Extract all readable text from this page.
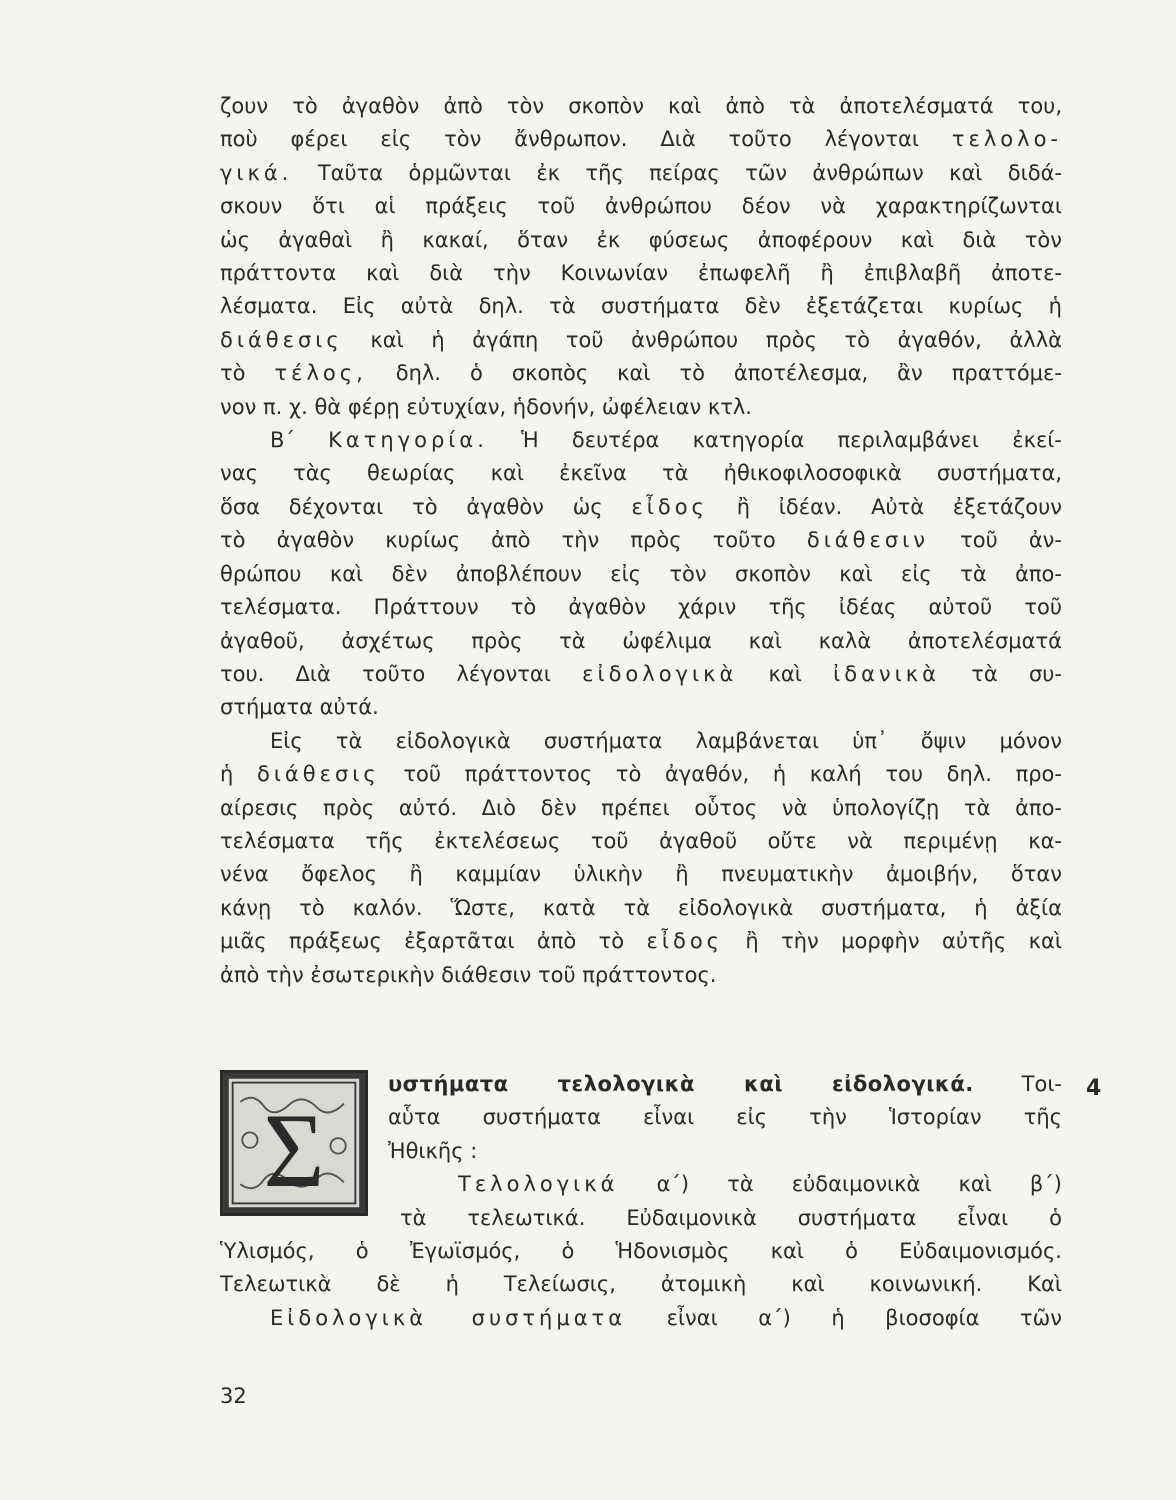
ζουν τὸ ἀγαθὸν ἀπὸ τὸν σκοπὸν καὶ ἀπὸ τὰ ἀποτελέσματά του,
ποὺ φέρει εἰς τὸν ἄνθρωπον. Διὰ τοῦτο λέγονται τελολο-
γικά. Ταῦτα ὁρμῶνται ἐκ τῆς πείρας τῶν ἀνθρώπων καὶ διδά-
σκουν ὅτι αἱ πράξεις τοῦ ἀνθρώπου δέον νὰ χαρακτηρίζωνται
ὡς ἀγαθαὶ ἢ κακαί, ὅταν ἐκ φύσεως ἀποφέρουν καὶ διὰ τὸν
πράττοντα καὶ διὰ τὴν Κοινωνίαν ἐπωφελῆ ἢ ἐπιβλαβῆ ἀποτε-
λέσματα. Εἰς αὐτὰ δηλ. τὰ συστήματα δὲν ἐξετάζεται κυρίως ἡ
διάθεσις καὶ ἡ ἀγάπη τοῦ ἀνθρώπου πρὸς τὸ ἀγαθόν, ἀλλὰ
τὸ τέλος, δηλ. ὁ σκοπὸς καὶ τὸ ἀποτέλεσμα, ἂν πραττόμε-
νον π. χ. θὰ φέρῃ εὐτυχίαν, ἡδονήν, ὠφέλειαν κτλ.

Β΄ Κατηγορία. Ἡ δευτέρα κατηγορία περιλαμβάνει ἐκεί-
νας τὰς θεωρίας καὶ ἐκεῖνα τὰ ἠθικοφιλοσοφικὰ συστήματα,
ὅσα δέχονται τὸ ἀγαθὸν ὡς εἶδος ἢ ἰδέαν. Αὐτὰ ἐξετάζουν
τὸ ἀγαθὸν κυρίως ἀπὸ τὴν πρὸς τοῦτο διάθεσιν τοῦ ἀν-
θρώπου καὶ δὲν ἀποβλέπουν εἰς τὸν σκοπὸν καὶ εἰς τὰ ἀπο-
τελέσματα. Πράττουν τὸ ἀγαθὸν χάριν τῆς ἰδέας αὐτοῦ τοῦ
ἀγαθοῦ, ἀσχέτως πρὸς τὰ ὠφέλιμα καὶ καλὰ ἀποτελέσματά
του. Διὰ τοῦτο λέγονται εἰδολογικὰ καὶ ἰδανικὰ τὰ συ-
στήματα αὐτά.

Εἰς τὰ εἰδολογικὰ συστήματα λαμβάνεται ὑπ᾽ ὄψιν μόνον
ἡ διάθεσις τοῦ πράττοντος τὸ ἀγαθόν, ἡ καλή του δηλ. προ-
αίρεσις πρὸς αὐτό. Διὸ δὲν πρέπει οὗτος νὰ ὑπολογίζῃ τὰ ἀπο-
τελέσματα τῆς ἐκτελέσεως τοῦ ἀγαθοῦ οὔτε νὰ περιμένῃ κα-
νένα ὄφελος ἢ καμμίαν ὑλικὴν ἢ πνευματικὴν ἀμοιβήν, ὅταν
κάνῃ τὸ καλόν. Ὥστε, κατὰ τὰ εἰδολογικὰ συστήματα, ἡ ἀξία
μιᾶς πράξεως ἐξαρτᾶται ἀπὸ τὸ εἶδος ἢ τὴν μορφὴν αὐτῆς καὶ
ἀπὸ τὴν ἐσωτερικὴν διάθεσιν τοῦ πράττοντος.

Σ
υστήματα τελολογικὰ καὶ εἰδολογικά. Τοι-
αὗτα συστήματα εἶναι εἰς τὴν Ἱστορίαν τῆς
Ἠθικῆς :
Τελολογικά α΄) τὰ εὐδαιμονικὰ καὶ β΄)
τὰ τελεωτικά. Εὐδαιμονικὰ συστήματα εἶναι ὁ
Ὑλισμός, ὁ Ἐγωϊσμός, ὁ Ἡδονισμὸς καὶ ὁ Εὐδαιμονισμός.
Τελεωτικὰ δὲ ἡ Τελείωσις, ἀτομικὴ καὶ κοινωνική. Καὶ
Εἰδολογικὰ συστήματα εἶναι α΄) ἡ βιοσοφία τῶν
4
32
